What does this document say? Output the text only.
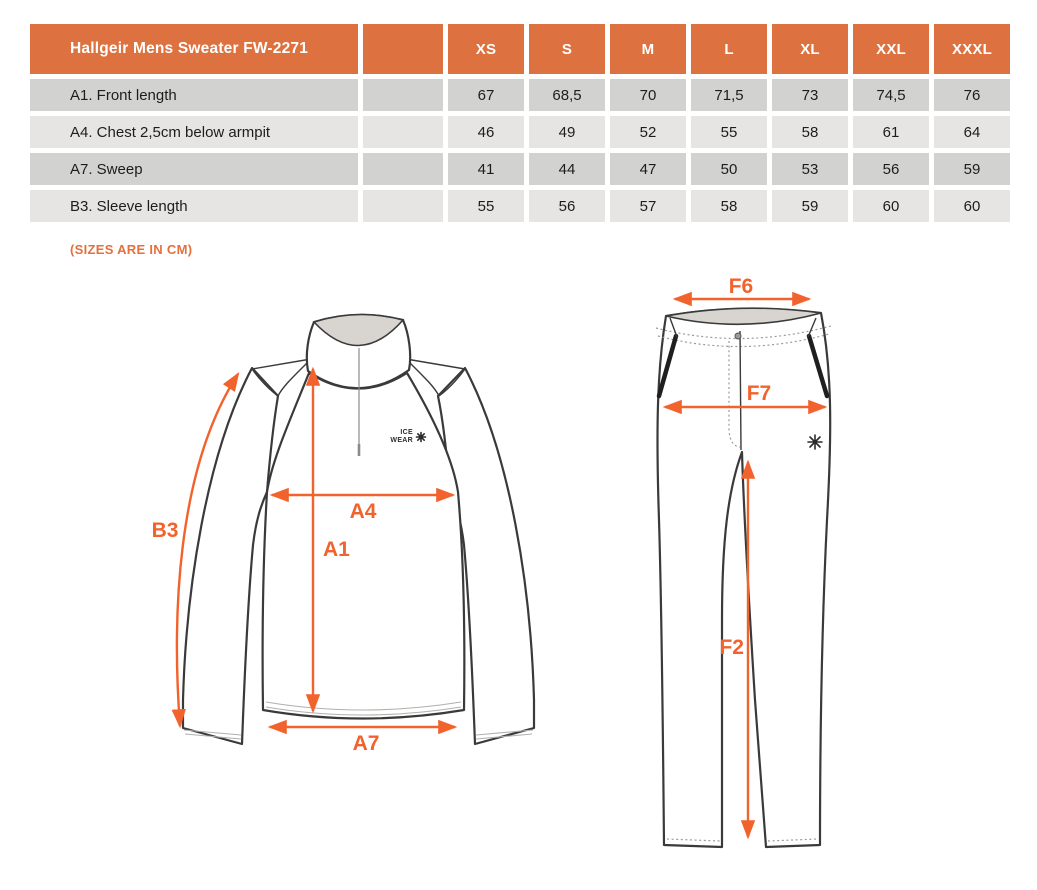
Hallgeir Mens Sweater FW-2271	XS	S	M	L	XL	XXL	XXXL
A1. Front length	67	68,5	70	71,5	73	74,5	76
A4. Chest 2,5cm below armpit	46	49	52	55	58	61	64
A7. Sweep	41	44	47	50	53	56	59
B3. Sleeve length	55	56	57	58	59	60	60
(SIZES ARE IN CM)
ICE
WEAR
B3
A1
A4
A7
F6
F7
F2
